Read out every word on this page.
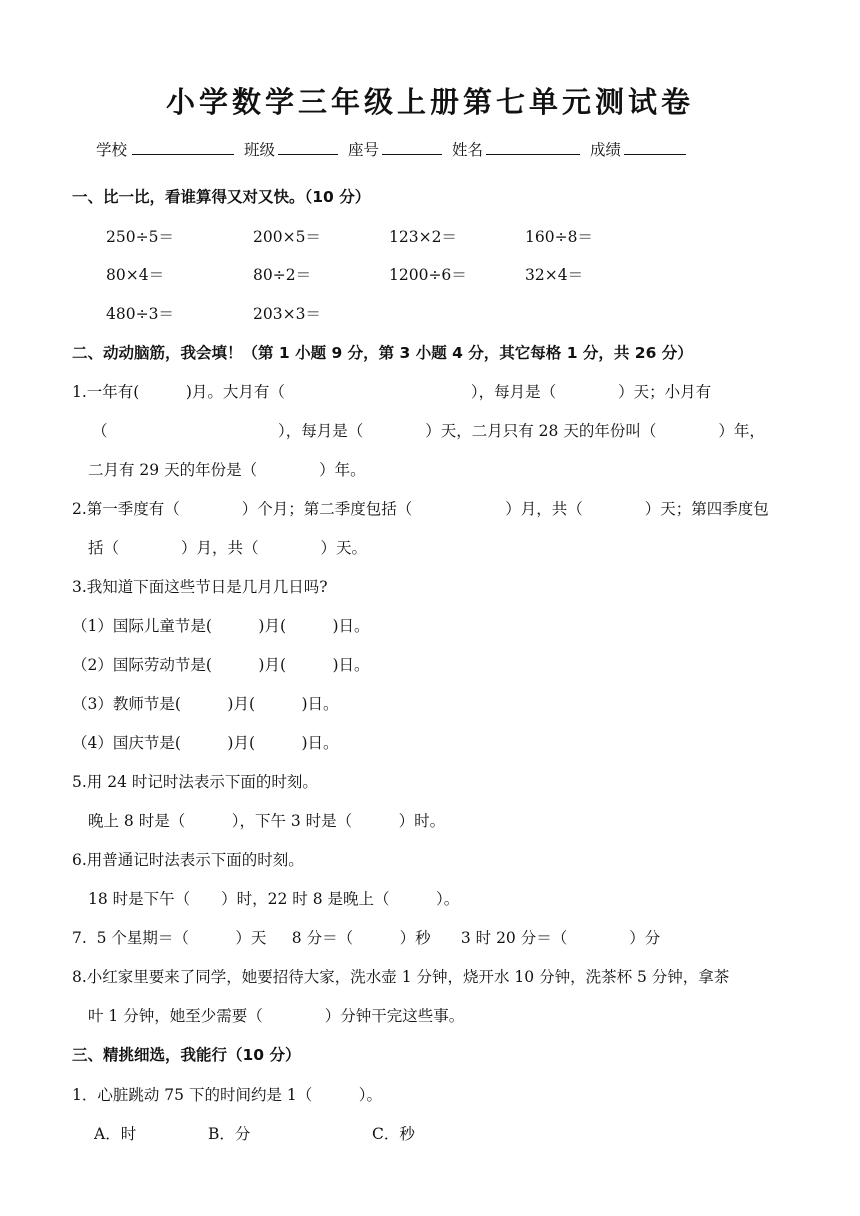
小学数学三年级上册第七单元测试卷
学校	班级	座号	姓名	成绩
一、比一比，看谁算得又对又快。（10 分）
250÷5＝	200×5＝	123×2＝	160÷8＝
80×4＝	80÷2＝	1200÷6＝	32×4＝
480÷3＝	203×3＝
二、动动脑筋，我会填！（第 1 小题 9 分，第 3 小题 4 分，其它每格 1 分，共 26 分）
1.一年有(　　　)月。大月有（　　　　　　　　　　　　），每月是（　　　　）天；小月有
（　　　　　　　　　　　），每月是（　　　　）天，二月只有 28 天的年份叫（　　　　）年，
二月有 29 天的年份是（　　　　）年。
2.第一季度有（　　　　）个月；第二季度包括（　　　　　　）月，共（　　　　）天；第四季度包
括（　　　　）月，共（　　　　）天。
3.我知道下面这些节日是几月几日吗?
（1）国际儿童节是(　　　)月(　　　)日。
（2）国际劳动节是(　　　)月(　　　)日。
（3）教师节是(　　　)月(　　　)日。
（4）国庆节是(　　　)月(　　　)日。
5.用 24 时记时法表示下面的时刻。
晚上 8 时是（　　　），下午 3 时是（　　　）时。
6.用普通记时法表示下面的时刻。
18 时是下午（　　）时，22 时 8 是晚上（　　　）。
7.  5 个星期＝（　　　）天　  8 分＝（　　　）秒　   3 时 20 分＝（　　　　）分
8.小红家里要来了同学，她要招待大家，洗水壶 1 分钟，烧开水 10 分钟，洗茶杯 5 分钟，拿茶
叶 1 分钟，她至少需要（　　　　）分钟干完这些事。
三、精挑细选，我能行（10 分）
1．心脏跳动 75 下的时间约是 1（　　　）。
A．时	B．分	C．秒
